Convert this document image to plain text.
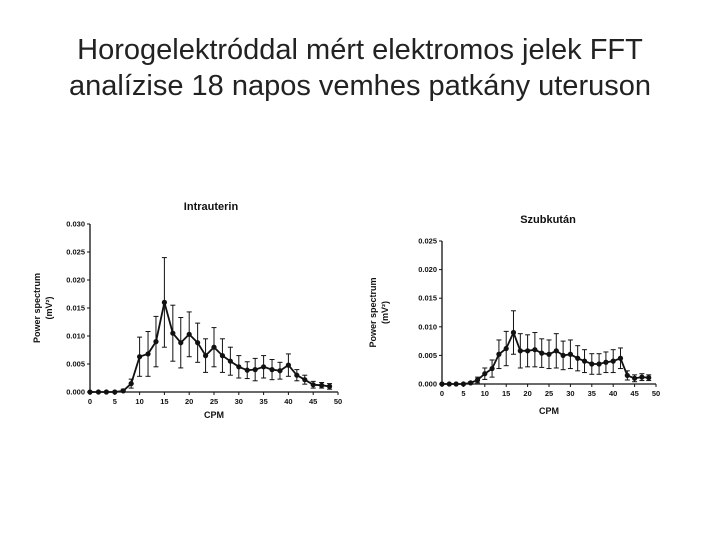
Horogelektróddal mért elektromos jelek FFT
analízise 18 napos vemhes patkány uteruson
Intrauterin
0	5 10 15 20 25 30 35 40 45 50
0.000
0.005
0.010
0.015
0.020
0.025
0.030
CPM
Power spectrum (mV²)
Szubkután
0 5 10 15 20 25 30 35 40 45 50
0.000
0.005
0.010
0.015
0.020
0.025
CPM
Power spectrum (mV²)
